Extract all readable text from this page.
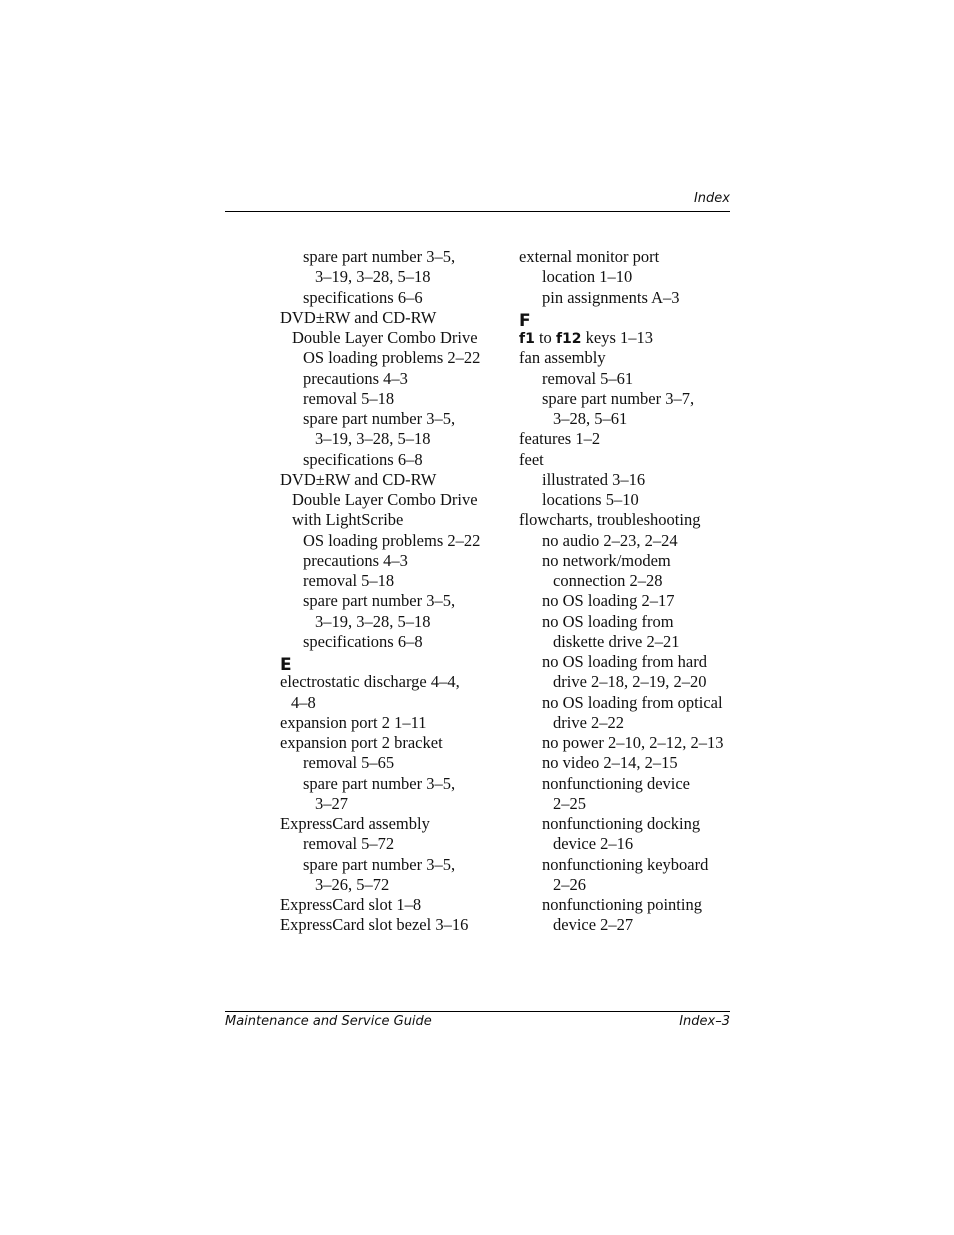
Index
spare part number 3–5,
3–19, 3–28, 5–18
specifications 6–6
DVD±RW and CD-RW
Double Layer Combo Drive
OS loading problems 2–22
precautions 4–3
removal 5–18
spare part number 3–5,
3–19, 3–28, 5–18
specifications 6–8
DVD±RW and CD-RW
Double Layer Combo Drive
with LightScribe
OS loading problems 2–22
precautions 4–3
removal 5–18
spare part number 3–5,
3–19, 3–28, 5–18
specifications 6–8
E
electrostatic discharge 4–4,
4–8
expansion port 2 1–11
expansion port 2 bracket
removal 5–65
spare part number 3–5,
3–27
ExpressCard assembly
removal 5–72
spare part number 3–5,
3–26, 5–72
ExpressCard slot 1–8
ExpressCard slot bezel 3–16
external monitor port
location 1–10
pin assignments A–3
F
f1 to f12 keys 1–13
fan assembly
removal 5–61
spare part number 3–7,
3–28, 5–61
features 1–2
feet
illustrated 3–16
locations 5–10
flowcharts, troubleshooting
no audio 2–23, 2–24
no network/modem
connection 2–28
no OS loading 2–17
no OS loading from
diskette drive 2–21
no OS loading from hard
drive 2–18, 2–19, 2–20
no OS loading from optical
drive 2–22
no power 2–10, 2–12, 2–13
no video 2–14, 2–15
nonfunctioning device
2–25
nonfunctioning docking
device 2–16
nonfunctioning keyboard
2–26
nonfunctioning pointing
device 2–27
Maintenance and Service Guide	Index–3
